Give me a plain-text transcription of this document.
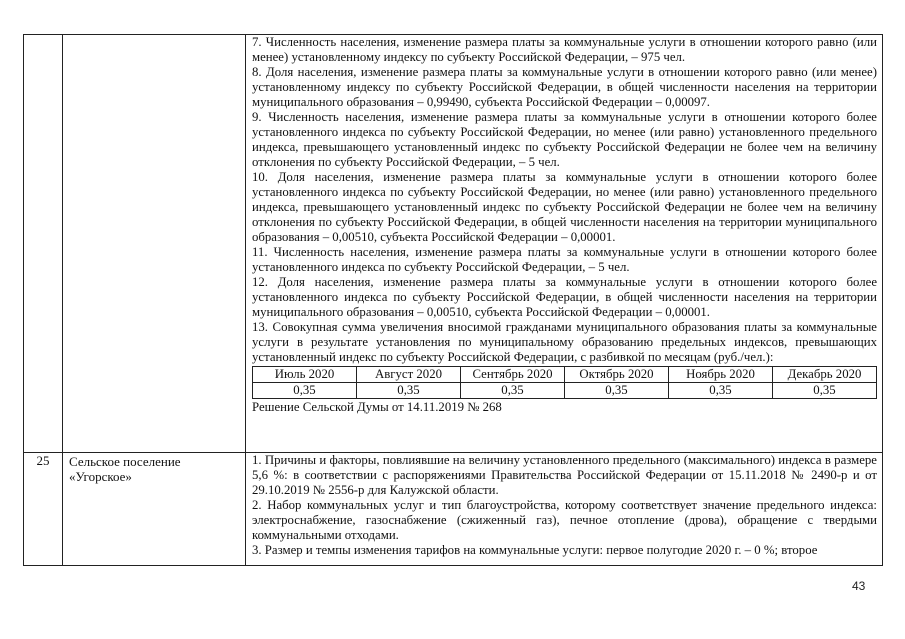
7. Численность населения, изменение размера платы за коммунальные услуги в отношении которого равно (или менее) установленному индексу по субъекту Российской Федерации, – 975 чел.

8. Доля населения, изменение размера платы за коммунальные услуги в отношении которого равно (или менее) установленному индексу по субъекту Российской Федерации, в общей численности населения на территории муниципального образования – 0,99490, субъекта Российской Федерации – 0,00097.

9. Численность населения, изменение размера платы за коммунальные услуги в отношении которого более установленного индекса по субъекту Российской Федерации, но менее (или равно) установленного предельного индекса, превышающего установленный индекс по субъекту Российской Федерации не более чем на величину отклонения по субъекту Российской Федерации, – 5 чел.

10. Доля населения, изменение размера платы за коммунальные услуги в отношении которого более установленного индекса по субъекту Российской Федерации, но менее (или равно) установленного предельного индекса, превышающего установленный индекс по субъекту Российской Федерации не более чем на величину отклонения по субъекту Российской Федерации, в общей численности населения на территории муниципального образования – 0,00510, субъекта Российской Федерации – 0,00001.

11. Численность населения, изменение размера платы за коммунальные услуги в отношении которого более установленного индекса по субъекту Российской Федерации, – 5 чел.

12. Доля населения, изменение размера платы за коммунальные услуги в отношении которого более установленного индекса по субъекту Российской Федерации, в общей численности населения на территории муниципального образования – 0,00510, субъекта Российской Федерации – 0,00001.

13. Совокупная сумма увеличения вносимой гражданами муниципального образования платы за коммунальные услуги в результате установления по муниципальному образованию предельных индексов, превышающих установленный индекс по субъекту Российской Федерации, с разбивкой по месяцам (руб./чел.):

Июль 2020	Август 2020	Сентябрь 2020	Октябрь 2020	Ноябрь 2020	Декабрь 2020
0,35	0,35	0,35	0,35	0,35	0,35

Решение Сельской Думы от 14.11.2019 № 268

25	Сельское поселение
«Угорское»

1. Причины и факторы, повлиявшие на величину установленного предельного (максимального) индекса в размере 5,6 %: в соответствии с распоряжениями Правительства Российской Федерации от 15.11.2018 № 2490-р и от 29.10.2019 № 2556-р для Калужской области.

2. Набор коммунальных услуг и тип благоустройства, которому соответствует значение предельного индекса: электроснабжение, газоснабжение (сжиженный газ), печное отопление (дрова), обращение с твердыми коммунальными отходами.

3. Размер и темпы изменения тарифов на коммунальные услуги: первое полугодие 2020 г. – 0 %; второе

43
